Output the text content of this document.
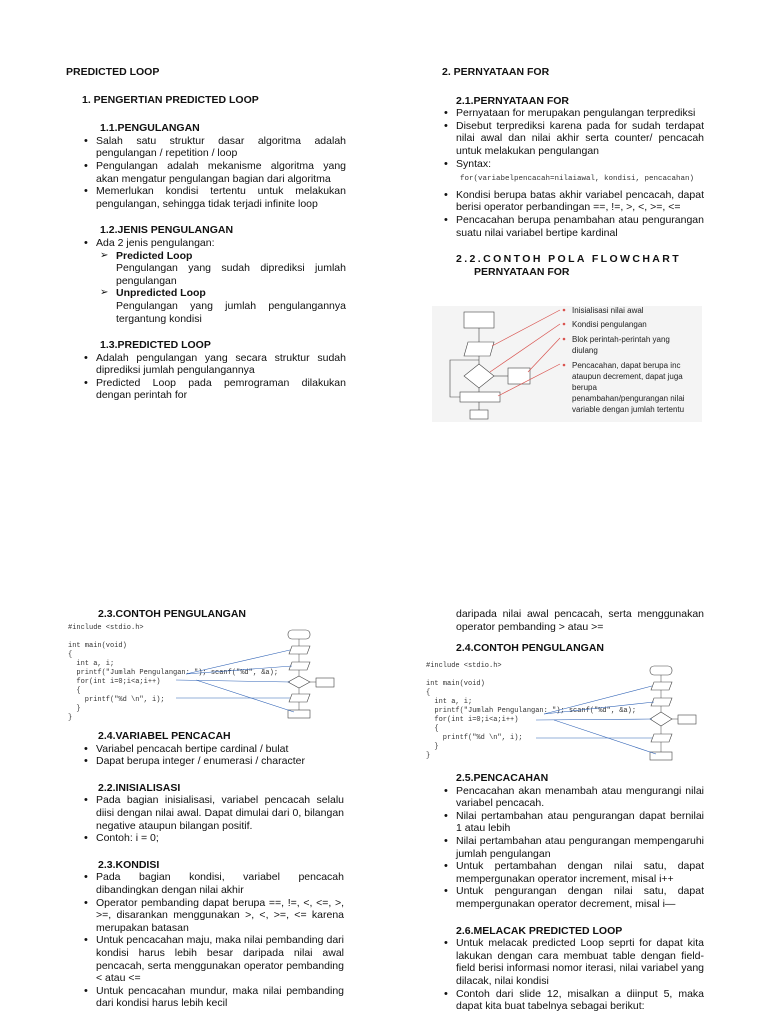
PREDICTED LOOP
1. PENGERTIAN PREDICTED LOOP
1.1.PENGULANGAN
• Salah satu struktur dasar algoritma adalah pengulangan / repetition / loop
• Pengulangan adalah mekanisme algoritma yang akan mengatur pengulangan bagian dari algoritma
• Memerlukan kondisi tertentu untuk melakukan pengulangan, sehingga tidak terjadi infinite loop
1.2.JENIS PENGULANGAN
• Ada 2 jenis pengulangan:
➢ Predicted Loop
Pengulangan yang sudah diprediksi jumlah pengulangan
➢ Unpredicted Loop
Pengulangan yang jumlah pengulangannya tergantung kondisi
1.3.PREDICTED LOOP
• Adalah pengulangan yang secara struktur sudah diprediksi jumlah pengulangannya
• Predicted Loop pada pemrograman dilakukan dengan perintah for
2. PERNYATAAN FOR
2.1.PERNYATAAN FOR
• Pernyataan for merupakan pengulangan terprediksi
• Disebut terprediksi karena pada for sudah terdapat nilai awal dan nilai akhir serta counter/ pencacah untuk melakukan pengulangan
• Syntax:
for(variabelpencacah=nilaiawal, kondisi, pencacahan)
• Kondisi berupa batas akhir variabel pencacah, dapat berisi operator perbandingan ==, !=, >, <, >=, <=
• Pencacahan berupa penambahan atau pengurangan suatu nilai variabel bertipe kardinal
2.2.CONTOH POLA FLOWCHART
PERNYATAAN FOR
Inisialisasi nilai awal
Kondisi pengulangan
Blok perintah-perintah yang
diulang
Pencacahan, dapat berupa inc
ataupun decrement, dapat juga
berupa
penambahan/pengurangan nilai
variable dengan jumlah tertentu
2.3.CONTOH PENGULANGAN
#include <stdio.h>

int main(void)
{
int a, i;
printf("Jumlah Pengulangan: "); scanf("%d", &a);
for(int i=0;i<a;i++)
{
printf("%d \n", i);
}
}
2.4.VARIABEL PENCACAH
• Variabel pencacah bertipe cardinal / bulat
• Dapat berupa integer / enumerasi / character
2.2.INISIALISASI
• Pada bagian inisialisasi, variabel pencacah selalu diisi dengan nilai awal. Dapat dimulai dari 0, bilangan negative ataupun bilangan positif.
• Contoh: i = 0;
2.3.KONDISI
• Pada bagian kondisi, variabel pencacah dibandingkan dengan nilai akhir
• Operator pembanding dapat berupa ==, !=, <, <=, >, >=, disarankan menggunakan >, <, >=, <= karena merupakan batasan
• Untuk pencacahan maju, maka nilai pembanding dari kondisi harus lebih besar daripada nilai awal pencacah, serta menggunakan operator pembanding < atau <=
• Untuk pencacahan mundur, maka nilai pembanding dari kondisi harus lebih kecil
daripada nilai awal pencacah, serta menggunakan operator pembanding > atau >=
2.4.CONTOH PENGULANGAN
#include <stdio.h>

int main(void)
{
int a, i;
printf("Jumlah Pengulangan: "); scanf("%d", &a);
for(int i=0;i<a;i++)
{
printf("%d \n", i);
}
}
2.5.PENCACAHAN
• Pencacahan akan menambah atau mengurangi nilai variabel pencacah.
• Nilai pertambahan atau pengurangan dapat bernilai 1 atau lebih
• Nilai pertambahan atau pengurangan mempengaruhi jumlah pengulangan
• Untuk pertambahan dengan nilai satu, dapat mempergunakan operator increment, misal i++
• Untuk pengurangan dengan nilai satu, dapat mempergunakan operator decrement, misal i—
2.6.MELACAK PREDICTED LOOP
• Untuk melacak predicted Loop seprti for dapat kita lakukan dengan cara membuat table dengan field-field berisi informasi nomor iterasi, nilai variabel yang dilacak, nilai kondisi
• Contoh dari slide 12, misalkan a diinput 5, maka dapat kita buat tabelnya sebagai berikut:
